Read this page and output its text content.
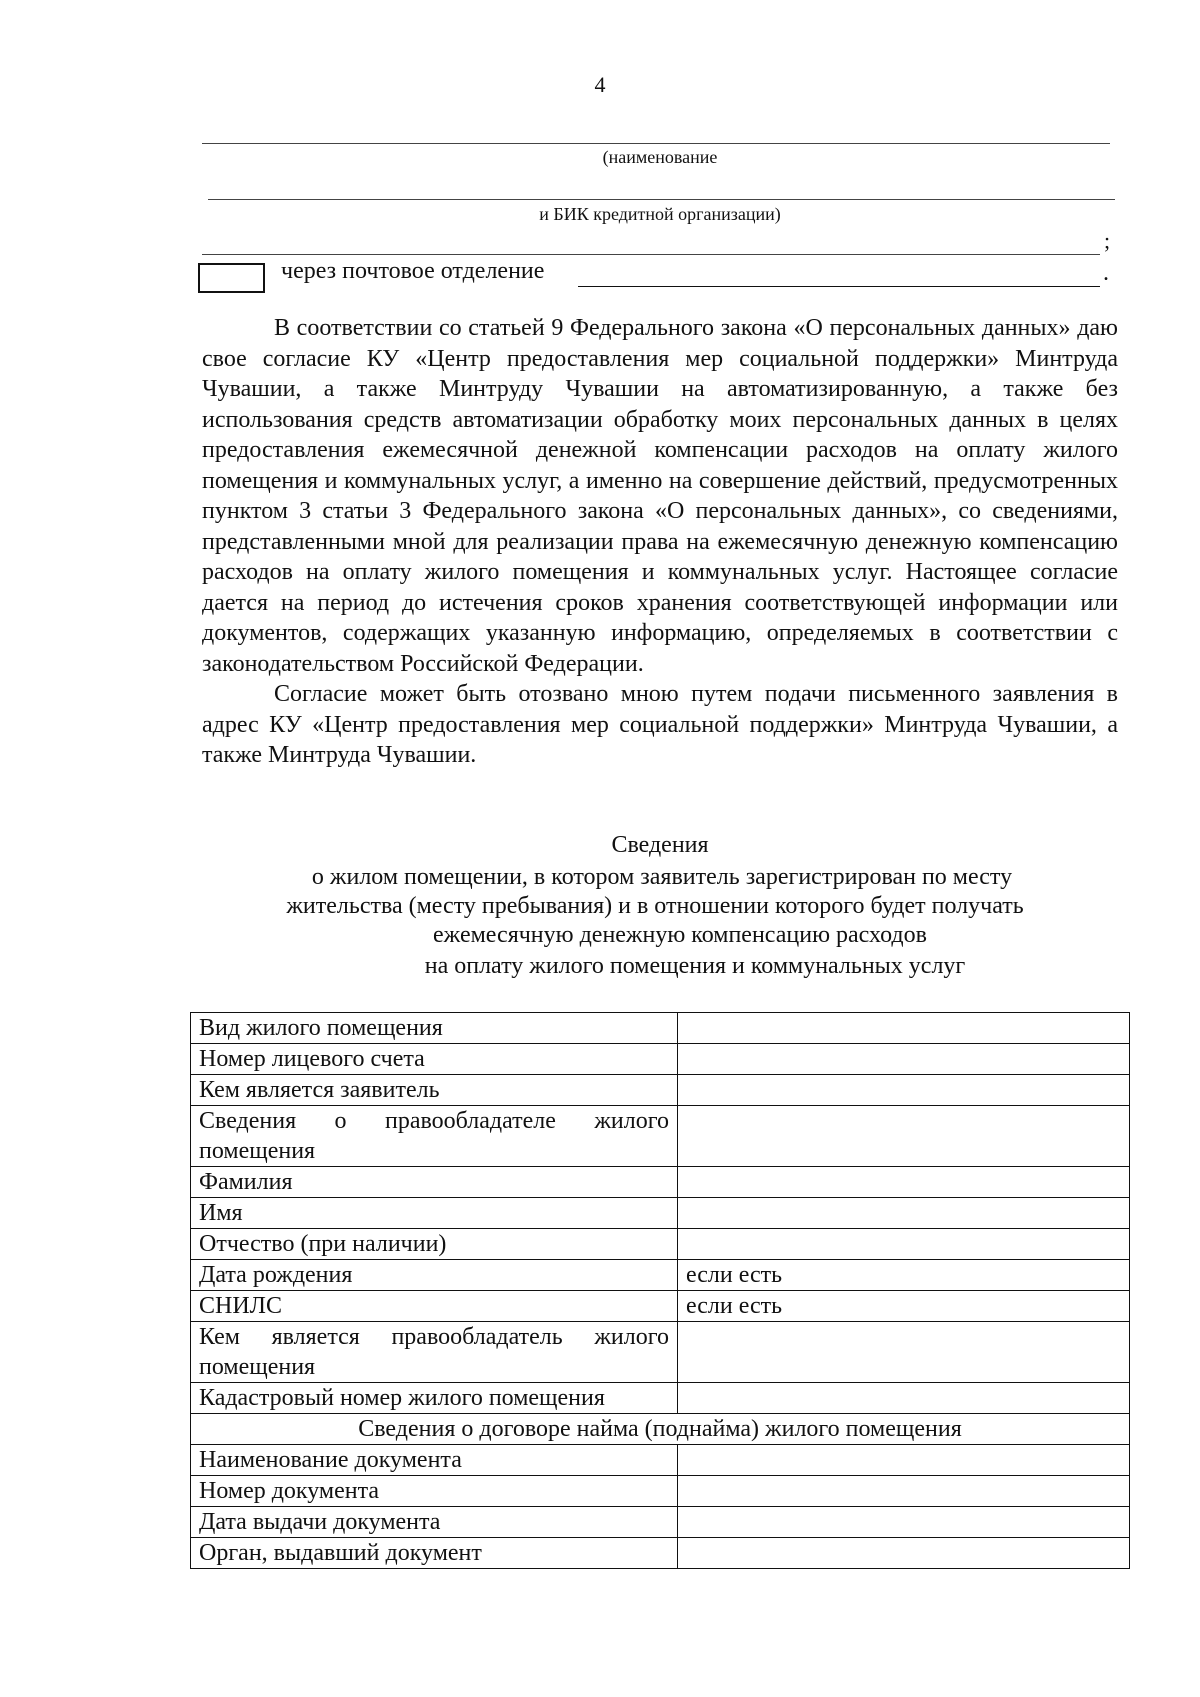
4
(наименование
и БИК кредитной организации)
;
через почтовое отделение	.

В соответствии со статьей 9 Федерального закона «О персональных данных» даю свое согласие КУ «Центр предоставления мер социальной поддержки» Минтруда Чувашии, а также Минтруду Чувашии на автоматизированную, а также без использования средств автоматизации обработку моих персональных данных в целях предоставления ежемесячной денежной компенсации расходов на оплату жилого помещения и коммунальных услуг, а именно на совершение действий, предусмотренных пунктом 3 статьи 3 Федерального закона «О персональных данных», со сведениями, представленными мной для реализации права на ежемесячную денежную компенсацию расходов на оплату жилого помещения и коммунальных услуг. Настоящее согласие дается на период до истечения сроков хранения соответствующей информации или документов, содержащих указанную информацию, определяемых в соответствии с законодательством Российской Федерации.

Согласие может быть отозвано мною путем подачи письменного заявления в адрес КУ «Центр предоставления мер социальной поддержки» Минтруда Чувашии, а также Минтруда Чувашии.

Сведения
о жилом помещении, в котором заявитель зарегистрирован по месту
жительства (месту пребывания) и в отношении которого будет получать
ежемесячную денежную компенсацию расходов
на оплату жилого помещения и коммунальных услуг
Вид жилого помещения	
Номер лицевого счета	
Кем является заявитель	
Сведения о правообладателе жилого помещения	
Фамилия	
Имя	
Отчество (при наличии)	
Дата рождения	если есть
СНИЛС	если есть
Кем является правообладатель жилого помещения	
Кадастровый номер жилого помещения	
Сведения о договоре найма (поднайма) жилого помещения	
Наименование документа	
Номер документа	
Дата выдачи документа	
Орган, выдавший документ	
